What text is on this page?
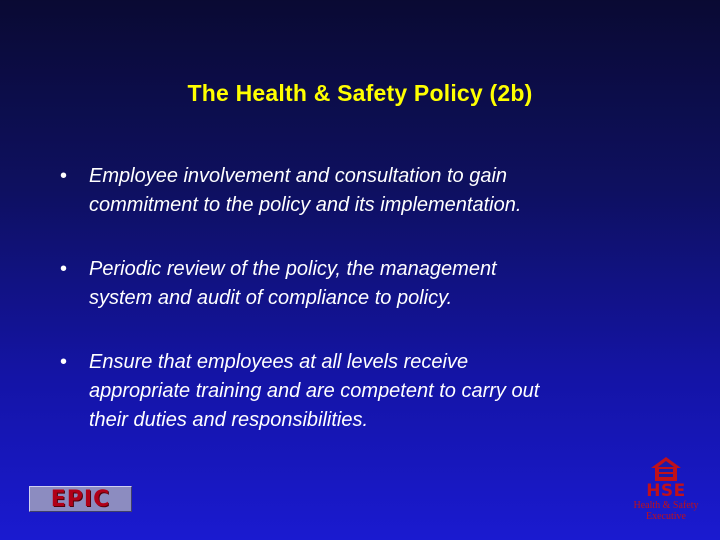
The Health & Safety Policy (2b)
• Employee involvement and consultation to gain
commitment to the policy and its implementation.
• Periodic review of the policy, the management
system and audit of compliance to policy.
• Ensure that employees at all levels receive
appropriate training and are competent to carry out
their duties and responsibilities.
EPIC	HSE
Health & Safety
Executive
